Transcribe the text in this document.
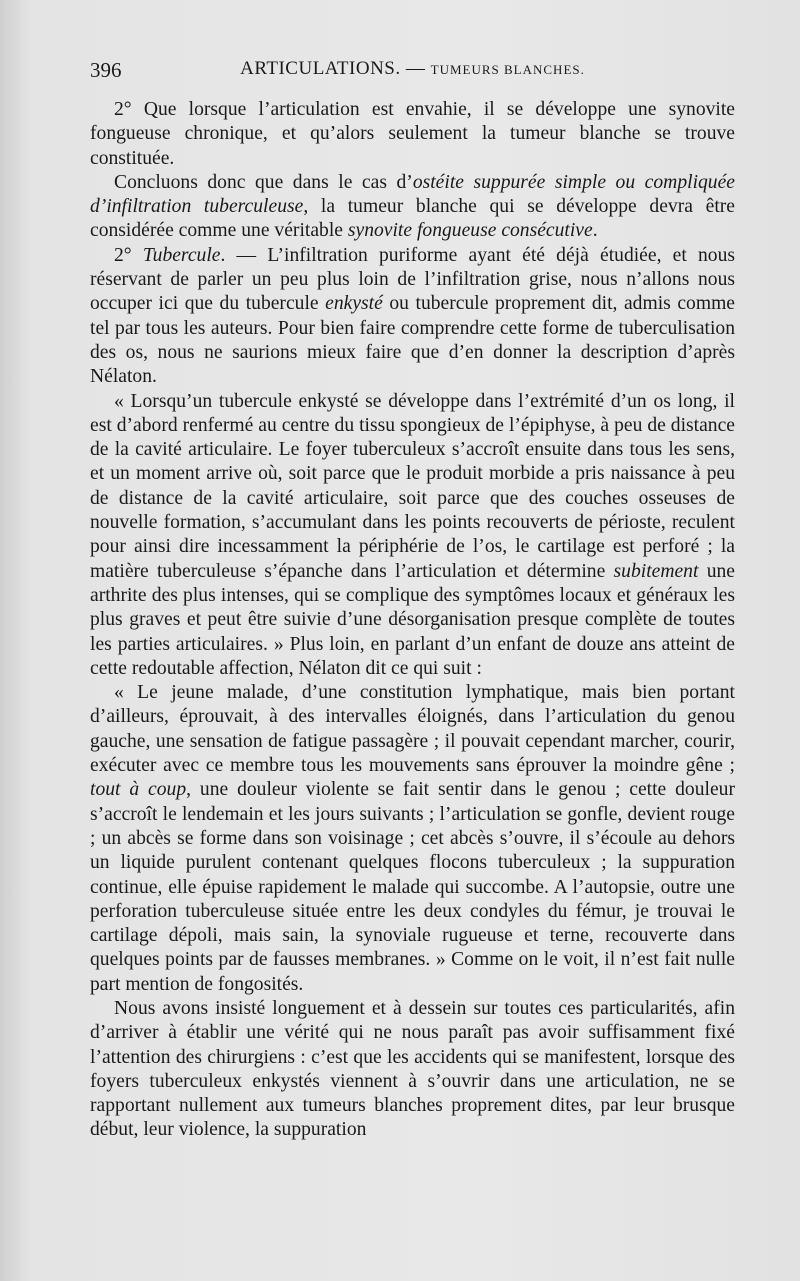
396	ARTICULATIONS. — TUMEURS BLANCHES.

2° Que lorsque l’articulation est envahie, il se développe une synovite fongueuse chronique, et qu’alors seulement la tumeur blanche se trouve constituée.

Concluons donc que dans le cas d’ostéite suppurée simple ou compliquée d’infiltration tuberculeuse, la tumeur blanche qui se développe devra être considérée comme une véritable synovite fongueuse consécutive.

2° Tubercule. — L’infiltration puriforme ayant été déjà étudiée, et nous réservant de parler un peu plus loin de l’infiltration grise, nous n’allons nous occuper ici que du tubercule enkysté ou tubercule proprement dit, admis comme tel par tous les auteurs. Pour bien faire comprendre cette forme de tuberculisation des os, nous ne saurions mieux faire que d’en donner la description d’après Nélaton.

« Lorsqu’un tubercule enkysté se développe dans l’extrémité d’un os long, il est d’abord renfermé au centre du tissu spongieux de l’épiphyse, à peu de distance de la cavité articulaire. Le foyer tuberculeux s’accroît ensuite dans tous les sens, et un moment arrive où, soit parce que le produit morbide a pris naissance à peu de distance de la cavité articulaire, soit parce que des couches osseuses de nouvelle formation, s’accumulant dans les points recouverts de périoste, reculent pour ainsi dire incessamment la périphérie de l’os, le cartilage est perforé ; la matière tuberculeuse s’épanche dans l’articulation et détermine subitement une arthrite des plus intenses, qui se complique des symptômes locaux et généraux les plus graves et peut être suivie d’une désorganisation presque complète de toutes les parties articulaires. » Plus loin, en parlant d’un enfant de douze ans atteint de cette redoutable affection, Nélaton dit ce qui suit :

« Le jeune malade, d’une constitution lymphatique, mais bien portant d’ailleurs, éprouvait, à des intervalles éloignés, dans l’articulation du genou gauche, une sensation de fatigue passagère ; il pouvait cependant marcher, courir, exécuter avec ce membre tous les mouvements sans éprouver la moindre gêne ; tout à coup, une douleur violente se fait sentir dans le genou ; cette douleur s’accroît le lendemain et les jours suivants ; l’articulation se gonfle, devient rouge ; un abcès se forme dans son voisinage ; cet abcès s’ouvre, il s’écoule au dehors un liquide purulent contenant quelques flocons tuberculeux ; la suppuration continue, elle épuise rapidement le malade qui succombe. A l’autopsie, outre une perforation tuberculeuse située entre les deux condyles du fémur, je trouvai le cartilage dépoli, mais sain, la synoviale rugueuse et terne, recouverte dans quelques points par de fausses membranes. » Comme on le voit, il n’est fait nulle part mention de fongosités.

Nous avons insisté longuement et à dessein sur toutes ces particularités, afin d’arriver à établir une vérité qui ne nous paraît pas avoir suffisamment fixé l’attention des chirurgiens : c’est que les accidents qui se manifestent, lorsque des foyers tuberculeux enkystés viennent à s’ouvrir dans une articulation, ne se rapportant nullement aux tumeurs blanches proprement dites, par leur brusque début, leur violence, la suppuration
